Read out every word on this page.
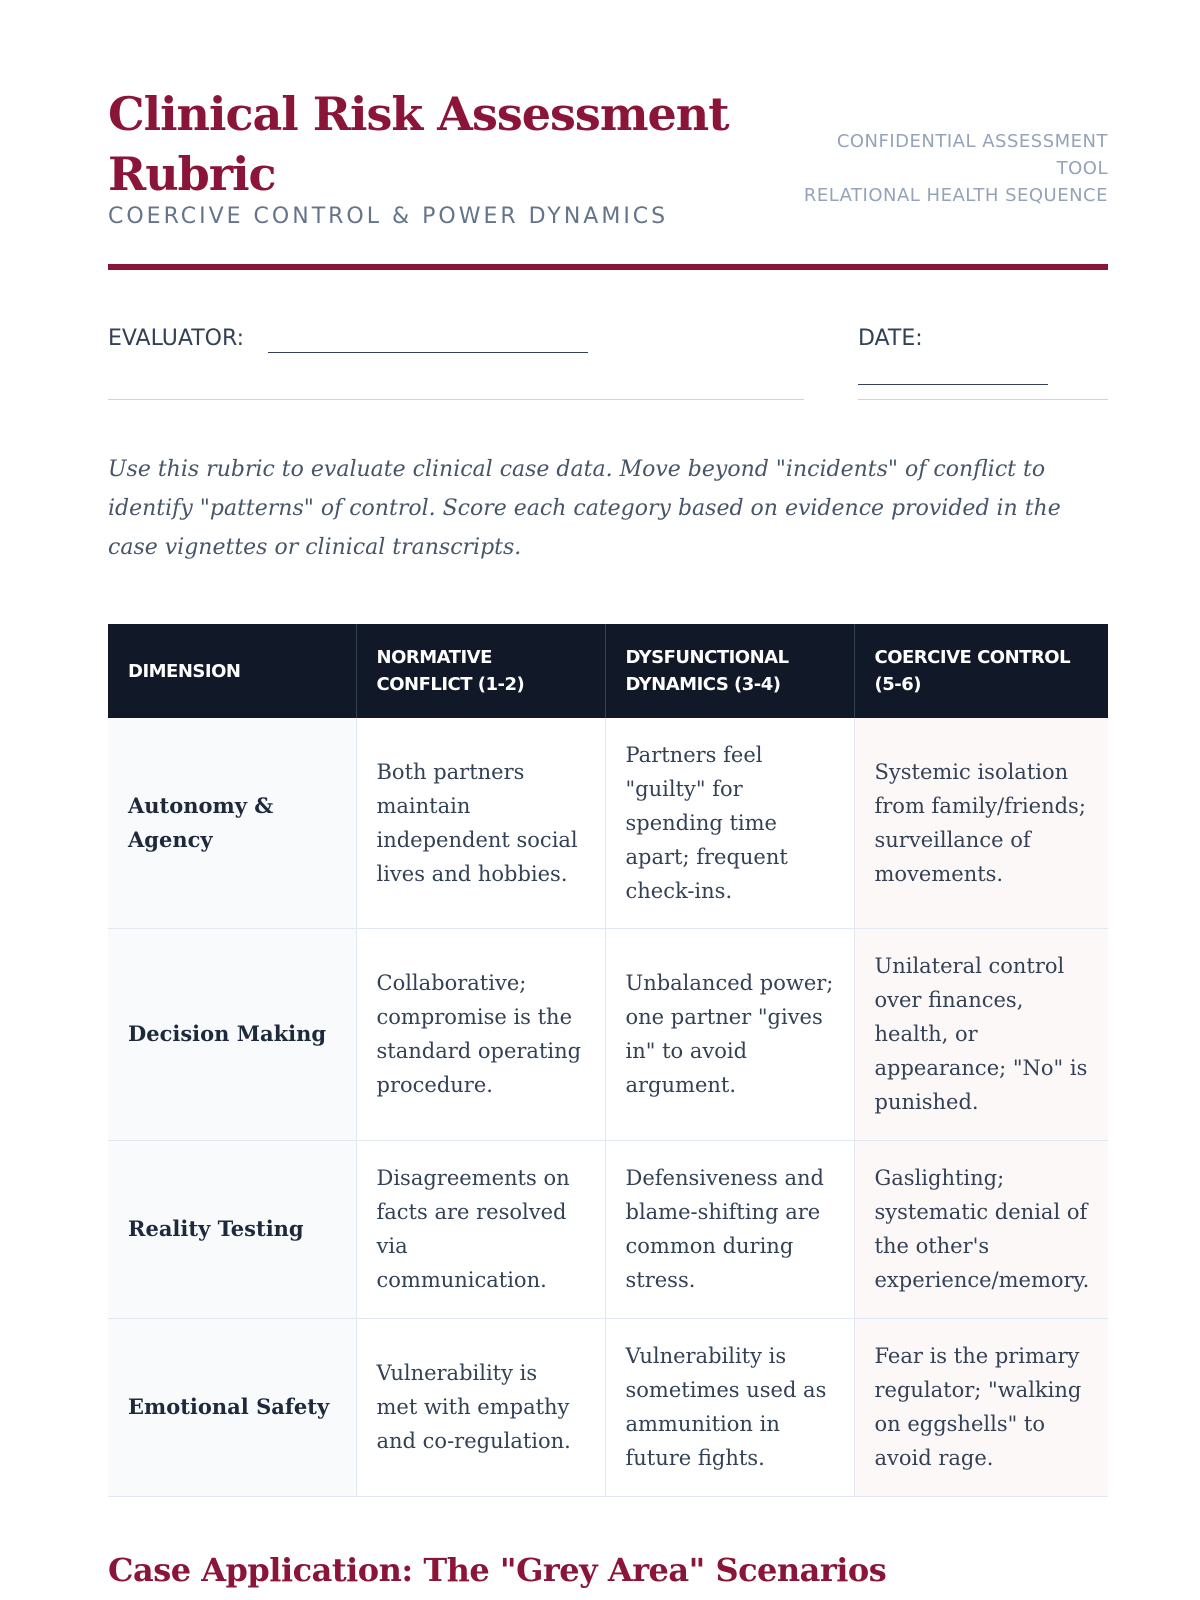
Clinical Risk Assessment Rubric
COERCIVE CONTROL & POWER DYNAMICS
CONFIDENTIAL ASSESSMENT TOOL
RELATIONAL HEALTH SEQUENCE
EVALUATOR:	DATE:

Use this rubric to evaluate clinical case data. Move beyond "incidents" of conflict to identify "patterns" of control. Score each category based on evidence provided in the case vignettes or clinical transcripts.

DIMENSION	NORMATIVE CONFLICT (1-2)	DYSFUNCTIONAL DYNAMICS (3-4)	COERCIVE CONTROL (5-6)
Autonomy & Agency	Both partners maintain independent social lives and hobbies.	Partners feel "guilty" for spending time apart; frequent check-ins.	Systemic isolation from family/friends; surveillance of movements.
Decision Making	Collaborative; compromise is the standard operating procedure.	Unbalanced power; one partner "gives in" to avoid argument.	Unilateral control over finances, health, or appearance; "No" is punished.
Reality Testing	Disagreements on facts are resolved via communication.	Defensiveness and blame-shifting are common during stress.	Gaslighting; systematic denial of the other's experience/memory.
Emotional Safety	Vulnerability is met with empathy and co-regulation.	Vulnerability is sometimes used as ammunition in future fights.	Fear is the primary regulator; "walking on eggshells" to avoid rage.
Case Application: The "Grey Area" Scenarios
